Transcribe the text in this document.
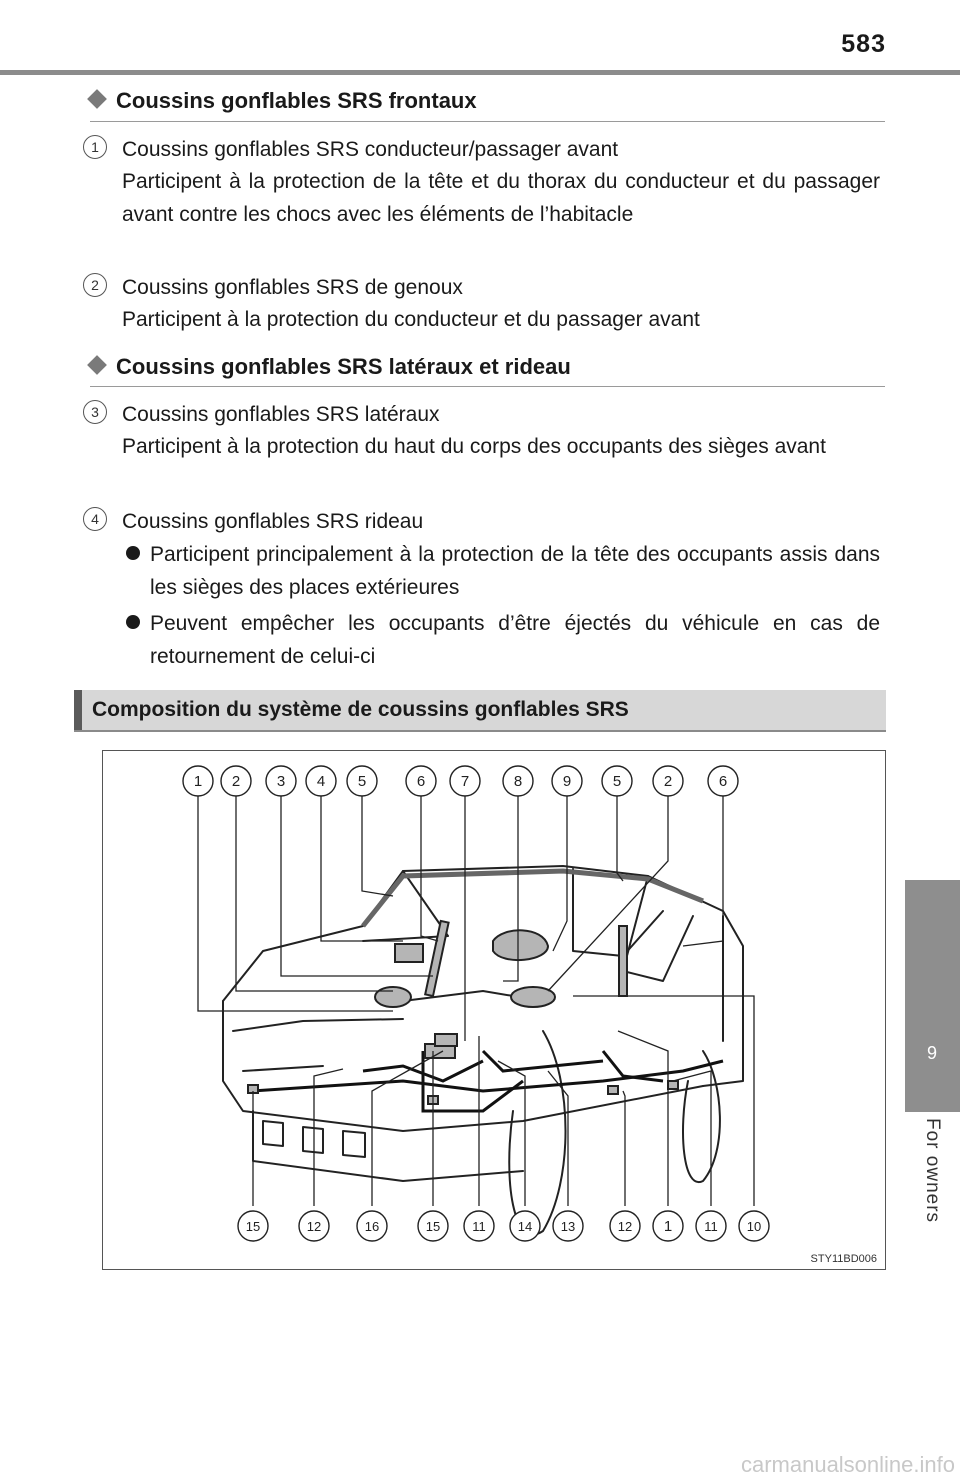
583
9
For owners
Coussins gonflables SRS frontaux
1	Coussins gonflables SRS conducteur/passager avant
Participent à la protection de la tête et du thorax du conducteur et du passager avant contre les chocs avec les éléments de l’habitacle
2	Coussins gonflables SRS de genoux
Participent à la protection du conducteur et du passager avant
Coussins gonflables SRS latéraux et rideau
3	Coussins gonflables SRS latéraux
Participent à la protection du haut du corps des occupants des sièges avant
4	Coussins gonflables SRS rideau
Participent principalement à la protection de la tête des occupants assis dans les sièges des places extérieures
Peuvent empêcher les occupants d’être éjectés du véhicule en cas de retournement de celui-ci
Composition du système de coussins gonflables SRS
1 2 3 4 5	6 7	8	9	5	2	6
15	12	16	15 11 14 13	12 1 11 10
STY11BD006
carmanualsonline.info
